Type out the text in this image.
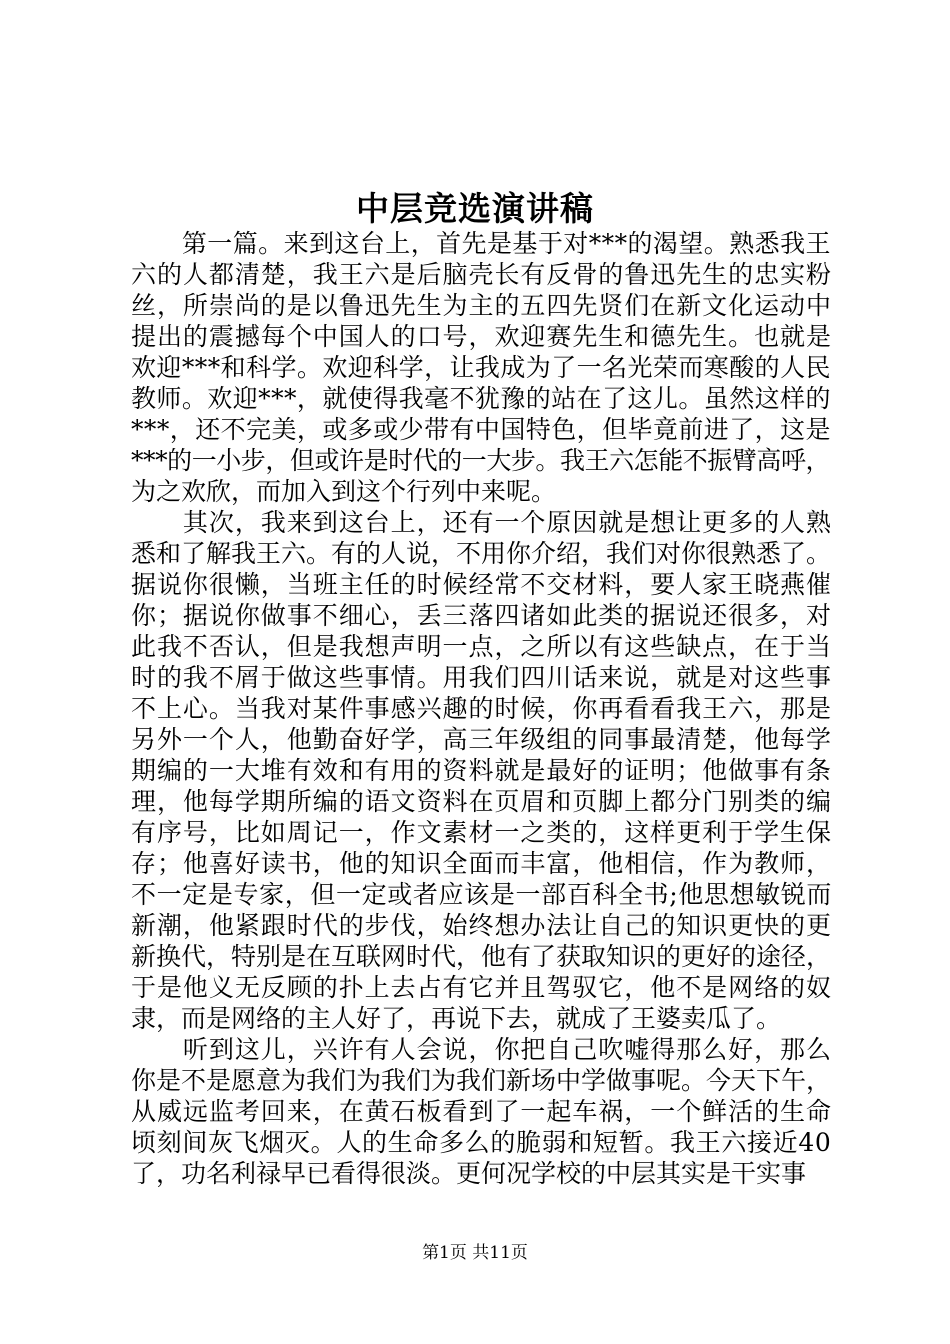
中层竞选演讲稿

　　第一篇。来到这台上，首先是基于对***的渴望。熟悉我王
六的人都清楚，我王六是后脑壳长有反骨的鲁迅先生的忠实粉
丝，所崇尚的是以鲁迅先生为主的五四先贤们在新文化运动中
提出的震撼每个中国人的口号，欢迎赛先生和德先生。也就是
欢迎***和科学。欢迎科学，让我成为了一名光荣而寒酸的人民
教师。欢迎***，就使得我毫不犹豫的站在了这儿。虽然这样的
***，还不完美，或多或少带有中国特色，但毕竟前进了，这是
***的一小步，但或许是时代的一大步。我王六怎能不振臂高呼，
为之欢欣，而加入到这个行列中来呢。

　　其次，我来到这台上，还有一个原因就是想让更多的人熟
悉和了解我王六。有的人说，不用你介绍，我们对你很熟悉了。
据说你很懒，当班主任的时候经常不交材料，要人家王晓燕催
你；据说你做事不细心，丢三落四诸如此类的据说还很多，对
此我不否认，但是我想声明一点，之所以有这些缺点，在于当
时的我不屑于做这些事情。用我们四川话来说，就是对这些事
不上心。当我对某件事感兴趣的时候，你再看看我王六，那是
另外一个人，他勤奋好学，高三年级组的同事最清楚，他每学
期编的一大堆有效和有用的资料就是最好的证明；他做事有条
理，他每学期所编的语文资料在页眉和页脚上都分门别类的编
有序号，比如周记一，作文素材一之类的，这样更利于学生保
存；他喜好读书，他的知识全面而丰富，他相信，作为教师，
不一定是专家，但一定或者应该是一部百科全书;他思想敏锐而
新潮，他紧跟时代的步伐，始终想办法让自己的知识更快的更
新换代，特别是在互联网时代，他有了获取知识的更好的途径，
于是他义无反顾的扑上去占有它并且驾驭它，他不是网络的奴
隶，而是网络的主人好了，再说下去，就成了王婆卖瓜了。

　　听到这儿，兴许有人会说，你把自己吹嘘得那么好，那么
你是不是愿意为我们为我们为我们新场中学做事呢。今天下午，
从威远监考回来，在黄石板看到了一起车祸，一个鲜活的生命
顷刻间灰飞烟灭。人的生命多么的脆弱和短暂。我王六接近40
了，功名利禄早已看得很淡。更何况学校的中层其实是干实事

第1页 共11页
